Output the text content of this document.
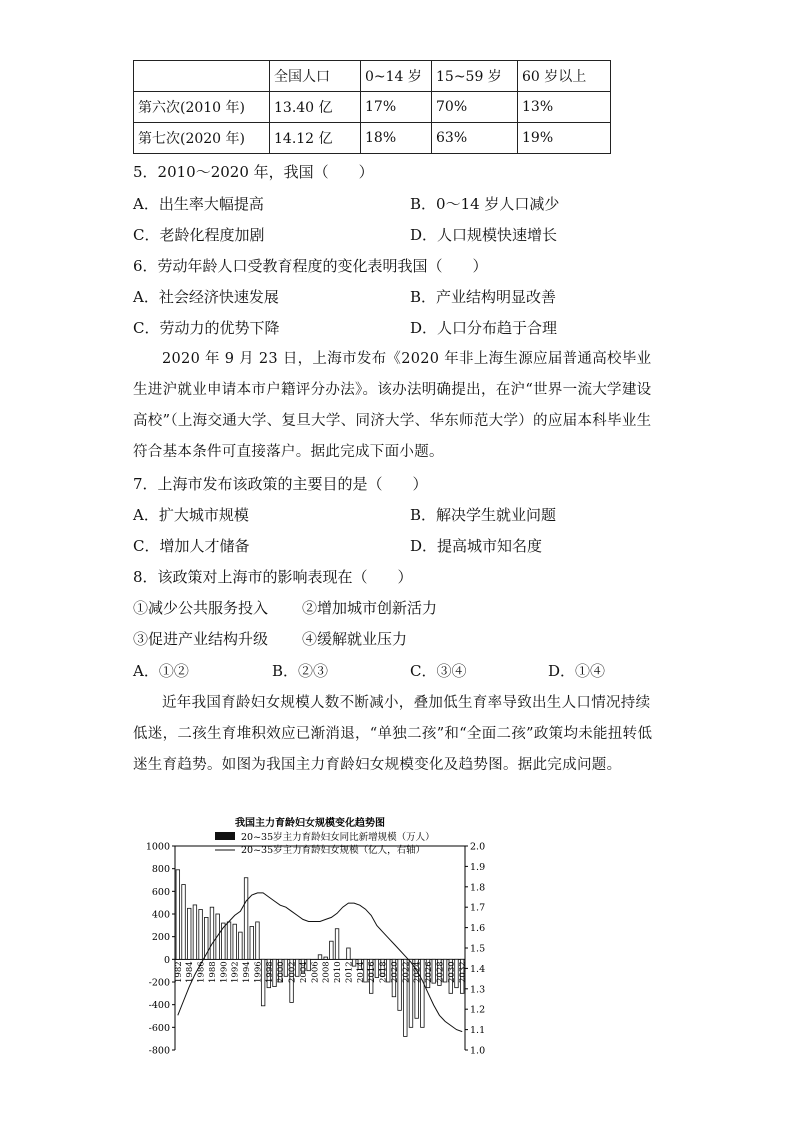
	全国人口	0~14 岁	15~59 岁	60 岁以上
第六次(2010 年)	13.40 亿	17%	70%	13%
第七次(2020 年)	14.12 亿	18%	63%	19%
5．2010～2020 年，我国（　　）
A．出生率大幅提高	B．0～14 岁人口减少
C．老龄化程度加剧	D．人口规模快速增长
6．劳动年龄人口受教育程度的变化表明我国（　　）
A．社会经济快速发展	B．产业结构明显改善
C．劳动力的优势下降	D．人口分布趋于合理
2020 年 9 月 23 日，上海市发布《2020 年非上海生源应届普通高校毕业生进沪就业申请本市户籍评分办法》。该办法明确提出，在沪“世界一流大学建设高校”（上海交通大学、复旦大学、同济大学、华东师范大学）的应届本科毕业生符合基本条件可直接落户。据此完成下面小题。
7．上海市发布该政策的主要目的是（　　）
A．扩大城市规模	B．解决学生就业问题
C．增加人才储备	D．提高城市知名度
8．该政策对上海市的影响表现在（　　）
①减少公共服务投入 ②增加城市创新活力
③促进产业结构升级 ④缓解就业压力
A．①②	B．②③	C．③④	D．①④
近年我国育龄妇女规模人数不断减小，叠加低生育率导致出生人口情况持续低迷，二孩生育堆积效应已渐消退，“单独二孩”和“全面二孩”政策均未能扭转低迷生育趋势。如图为我国主力育龄妇女规模变化及趋势图。据此完成问题。
我国主力育龄妇女规模变化趋势图
1000
800
600
400
200
0
-200
-400
-600
-800
2.0
1.9
1.8
1.7
1.6
1.5
1.4
1.3
1.2
1.1
1.0
1982 1984 1986 1988 1990 1992 1994 1996 1998 2000 2002 2004 2006 2008 2010 2012 2014 2016 2018 2020 2022 2024 2026 2028 2030 2032
20~35岁主力育龄妇女同比新增规模（万人）
20~35岁主力育龄妇女规模（亿人，右轴）
